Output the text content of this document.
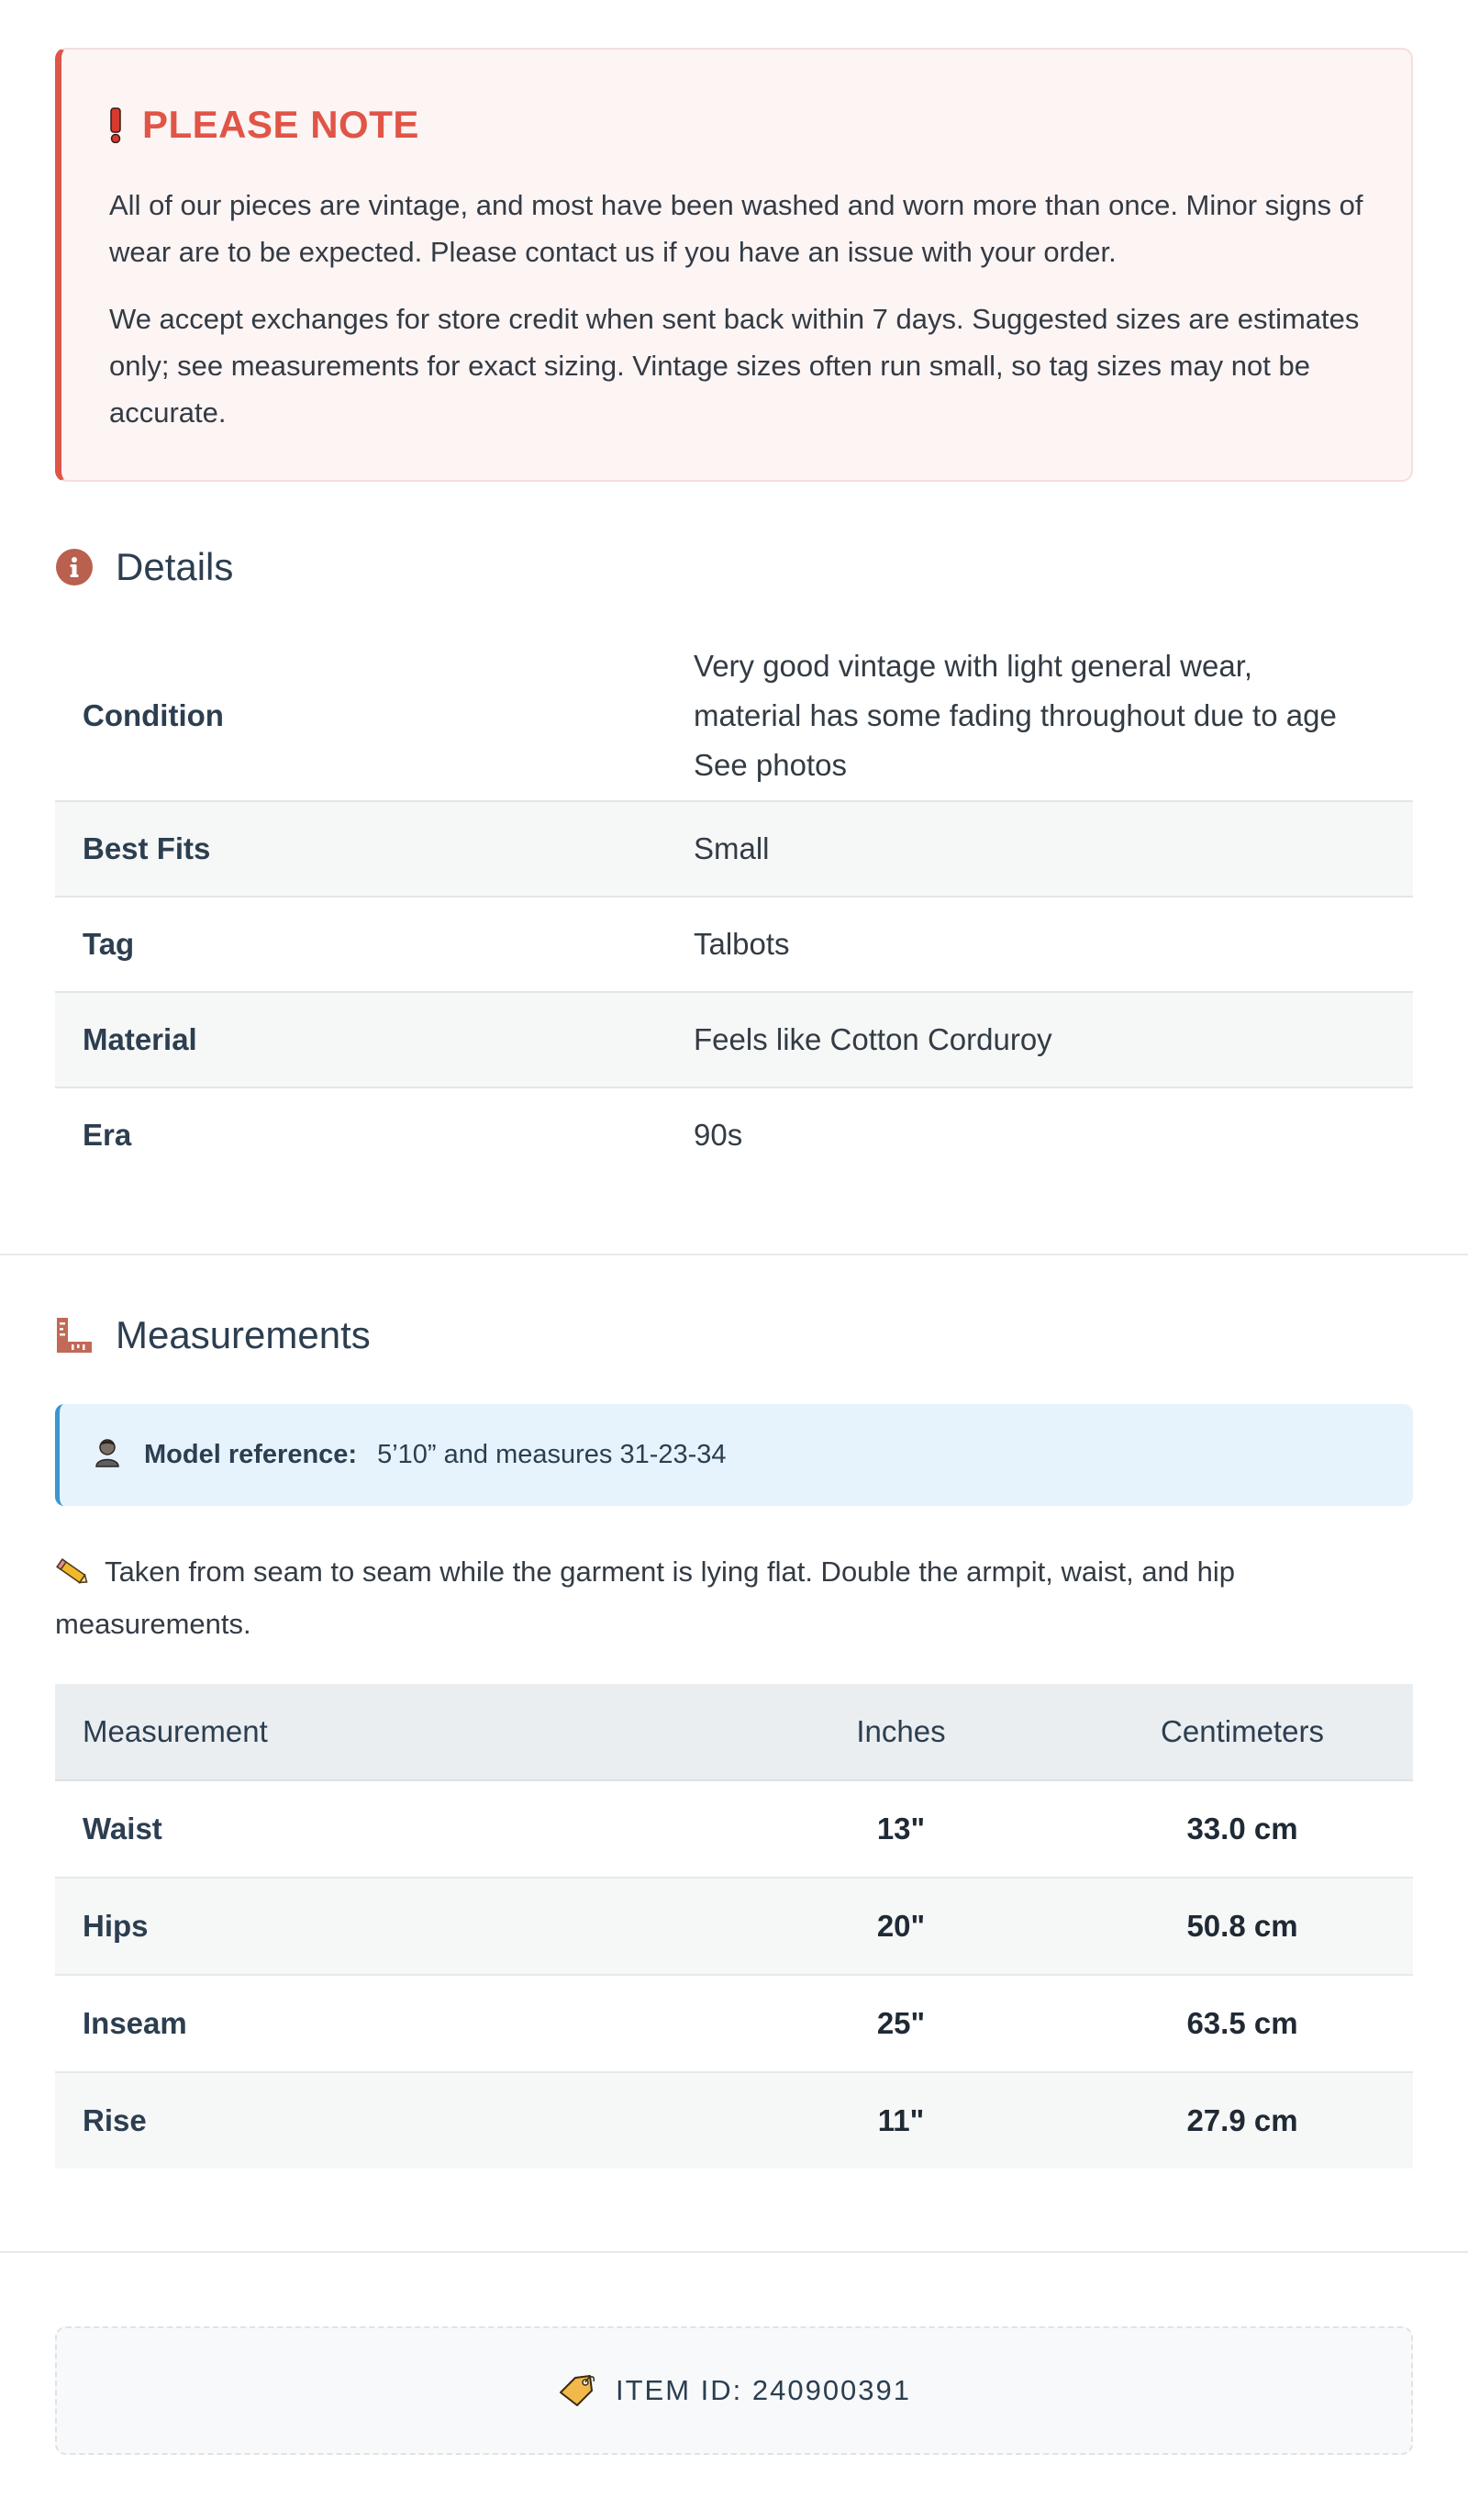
PLEASE NOTE

All of our pieces are vintage, and most have been washed and worn more than once. Minor signs of wear are to be expected. Please contact us if you have an issue with your order.

We accept exchanges for store credit when sent back within 7 days. Suggested sizes are estimates only; see measurements for exact sizing. Vintage sizes often run small, so tag sizes may not be accurate.

Details
Condition	Very good vintage with light general wear,
material has some fading throughout due to age
See photos

Best Fits	Small
Tag	Talbots
Material	Feels like Cotton Corduroy
Era	90s
Measurements
Model reference: 5’10” and measures 31-23-34
Taken from seam to seam while the garment is lying flat. Double the armpit, waist, and hip measurements.
Measurement	Inches	Centimeters
Waist	13"	33.0 cm
Hips	20"	50.8 cm
Inseam	25"	63.5 cm
Rise	11"	27.9 cm
ITEM ID: 240900391
